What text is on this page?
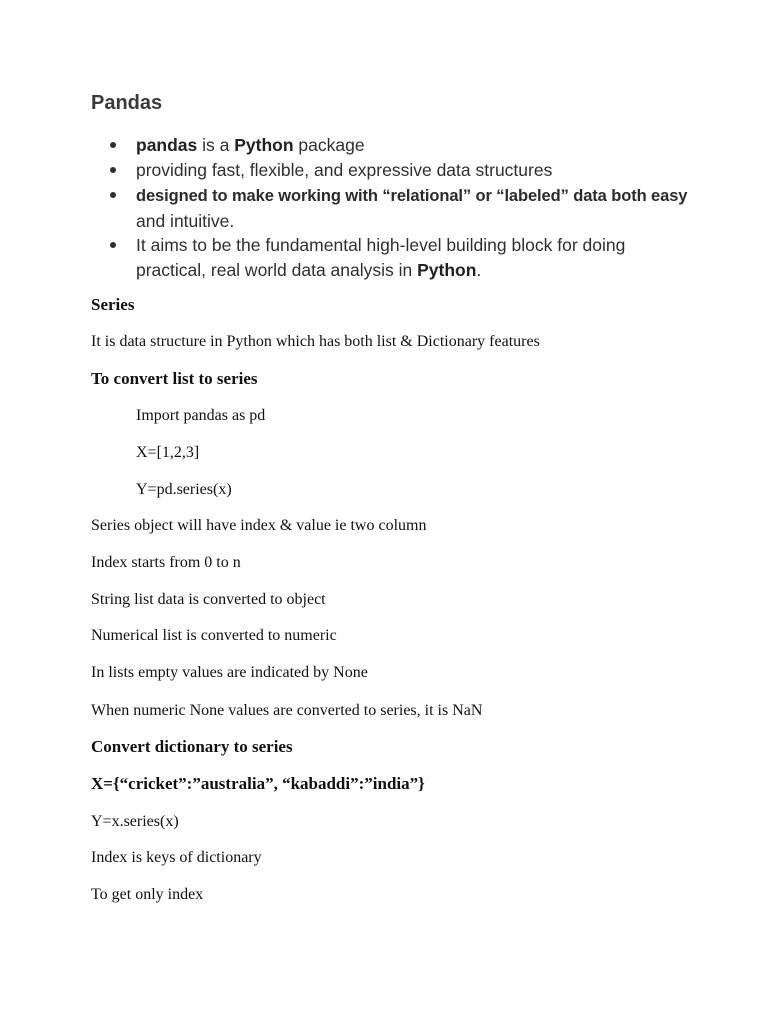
Pandas
pandas is a Python package
providing fast, flexible, and expressive data structures
designed to make working with “relational” or “labeled” data both easy
and intuitive.
It aims to be the fundamental high-level building block for doing
practical, real world data analysis in Python.

Series

It is data structure in Python which has both list & Dictionary features

To convert list to series

Import pandas as pd

X=[1,2,3]

Y=pd.series(x)

Series object will have index & value ie two column

Index starts from 0 to n

String list data is converted to object

Numerical list is converted to numeric

In lists empty values are indicated by None

When numeric None values are converted to series, it is NaN

Convert dictionary to series

X={“cricket”:”australia”, “kabaddi”:”india”}

Y=x.series(x)

Index is keys of dictionary

To get only index
